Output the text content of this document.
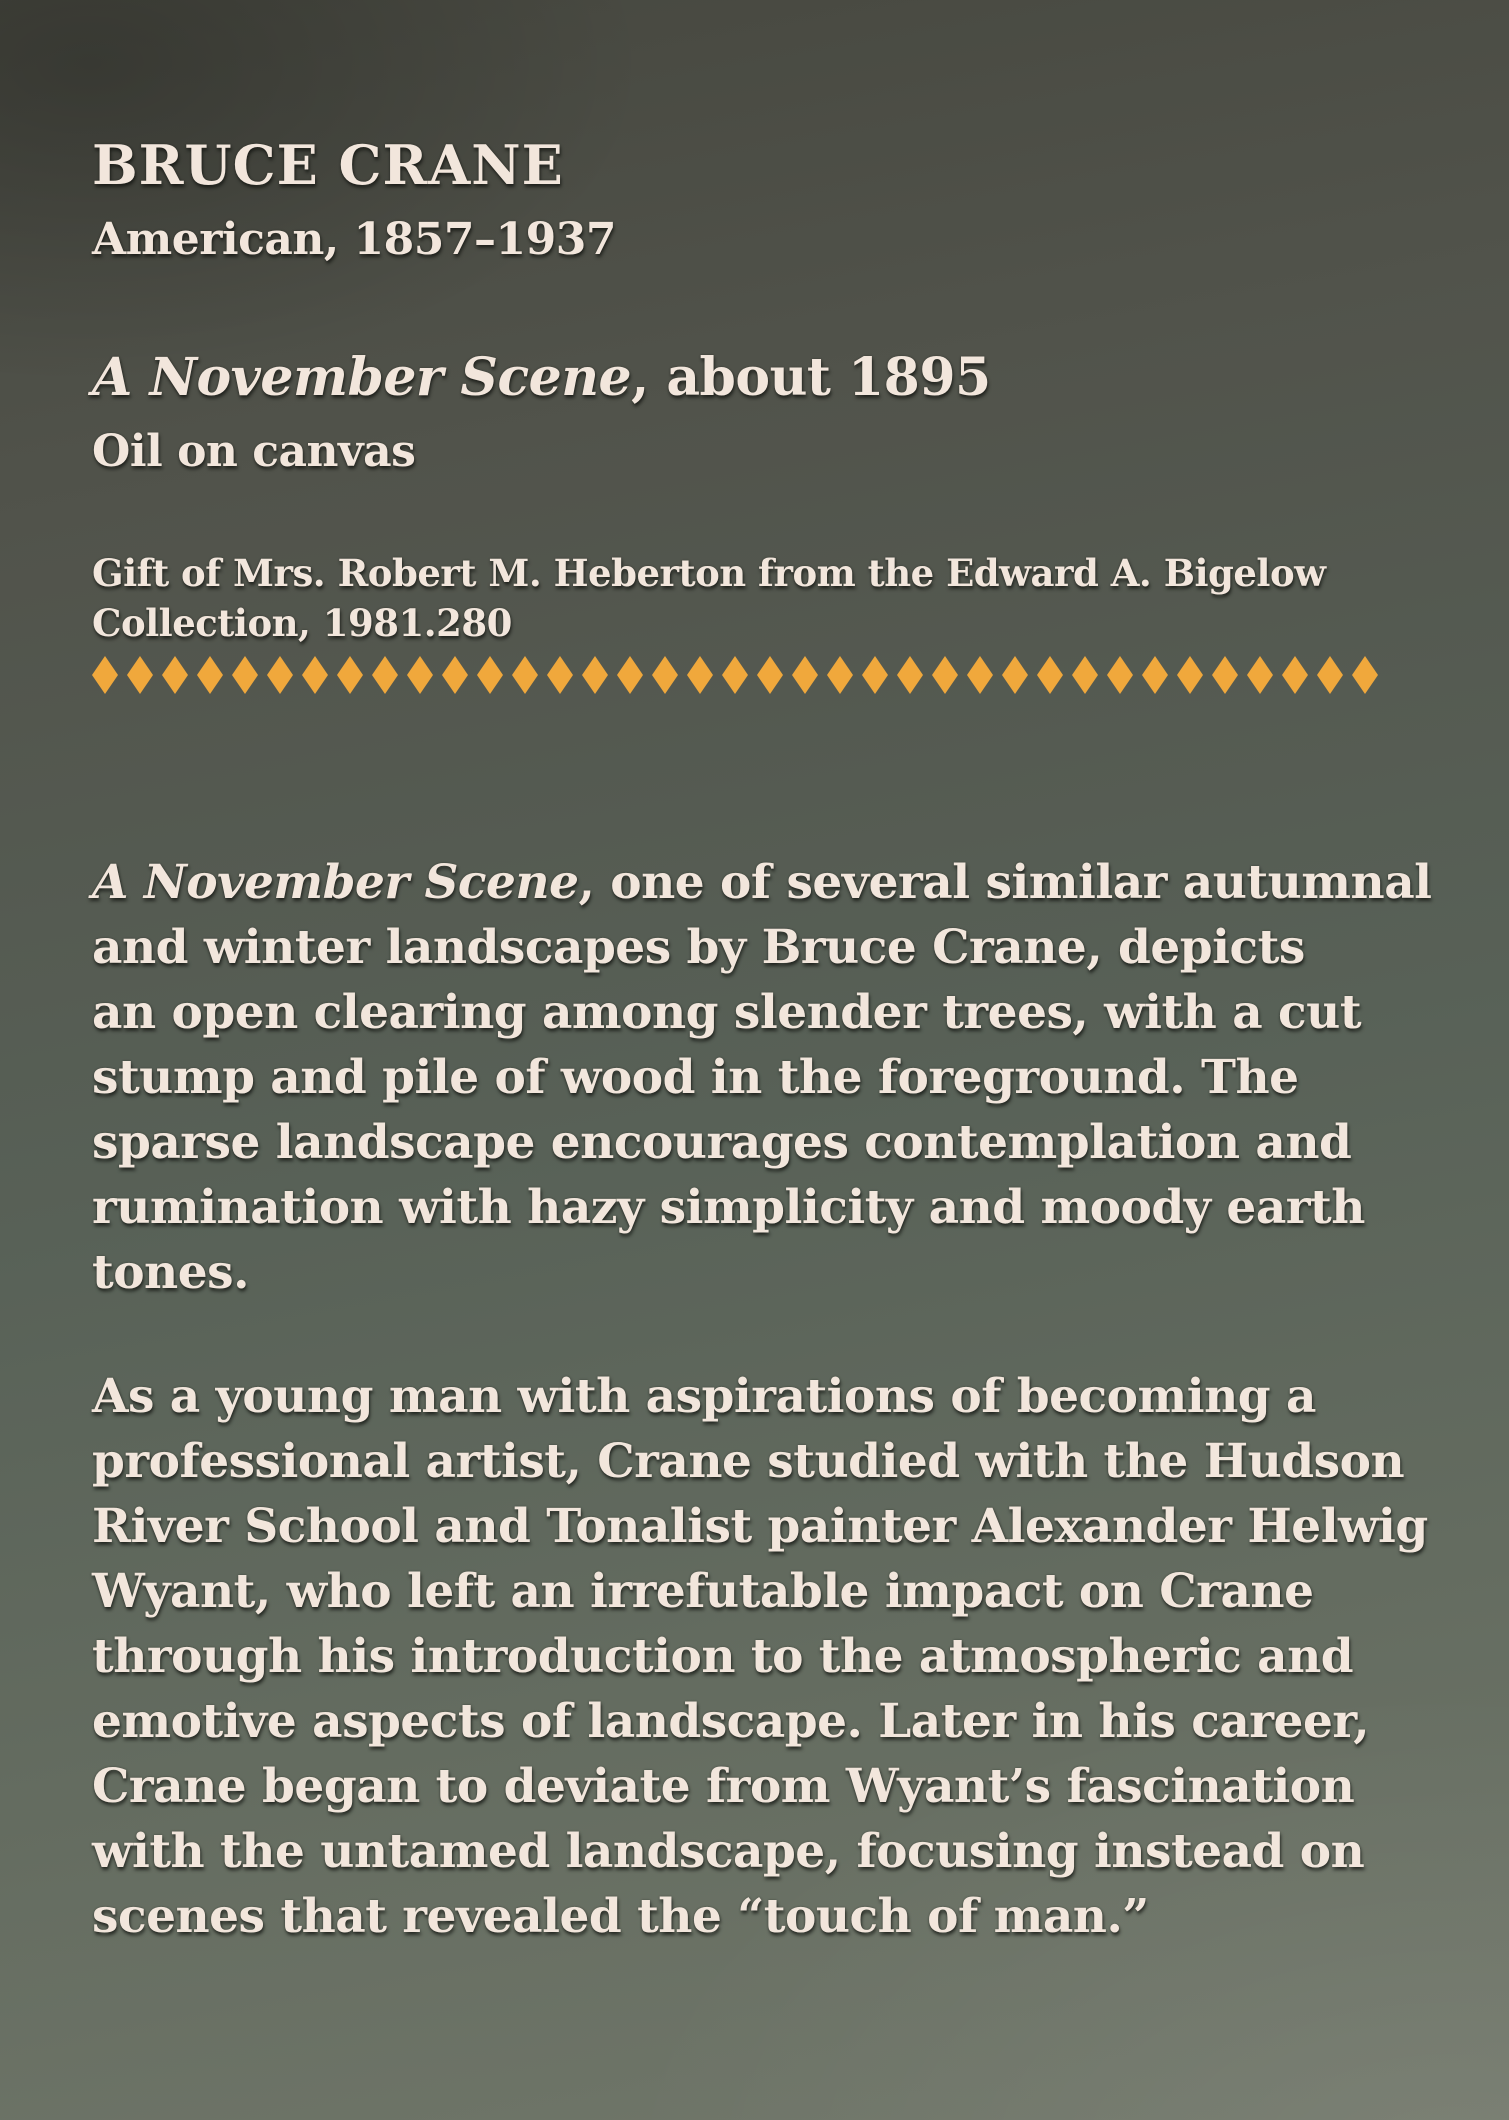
BRUCE CRANE
American, 1857–1937
A November Scene, about 1895
Oil on canvas
Gift of Mrs. Robert M. Heberton from the Edward A. Bigelow
Collection, 1981.280
A November Scene, one of several similar autumnal
and winter landscapes by Bruce Crane, depicts
an open clearing among slender trees, with a cut
stump and pile of wood in the foreground. The
sparse landscape encourages contemplation and
rumination with hazy simplicity and moody earth
tones.
As a young man with aspirations of becoming a
professional artist, Crane studied with the Hudson
River School and Tonalist painter Alexander Helwig
Wyant, who left an irrefutable impact on Crane
through his introduction to the atmospheric and
emotive aspects of landscape. Later in his career,
Crane began to deviate from Wyant’s fascination
with the untamed landscape, focusing instead on
scenes that revealed the “touch of man.”
